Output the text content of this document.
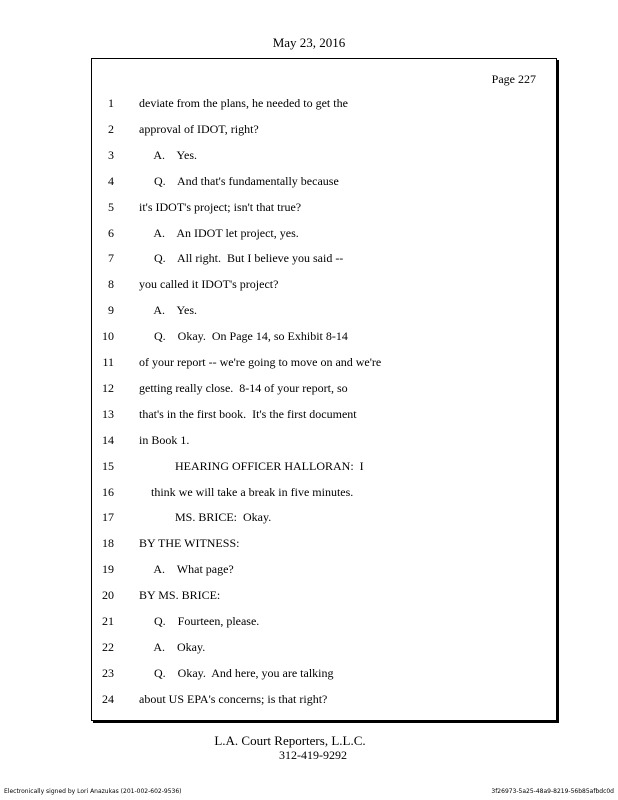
May 23, 2016
Page 227
1 deviate from the plans, he needed to get the
2 approval of IDOT, right?
3 A.    Yes.
4 Q.    And that's fundamentally because
5 it's IDOT's project; isn't that true?
6 A.    An IDOT let project, yes.
7 Q.    All right.  But I believe you said --
8 you called it IDOT's project?
9 A.    Yes.
10 Q.    Okay.  On Page 14, so Exhibit 8-14
11 of your report -- we're going to move on and we're
12 getting really close.  8-14 of your report, so
13 that's in the first book.  It's the first document
14 in Book 1.
15 HEARING OFFICER HALLORAN:  I
16 think we will take a break in five minutes.
17 MS. BRICE:  Okay.
18 BY THE WITNESS:
19 A.    What page?
20 BY MS. BRICE:
21 Q.    Fourteen, please.
22 A.    Okay.
23 Q.    Okay.  And here, you are talking
24 about US EPA's concerns; is that right?
L.A. Court Reporters, L.L.C.
312-419-9292
Electronically signed by Lori Anazukas (201-002-602-9536)	3f26973-5a25-48a9-8219-56b85afbdc0d
